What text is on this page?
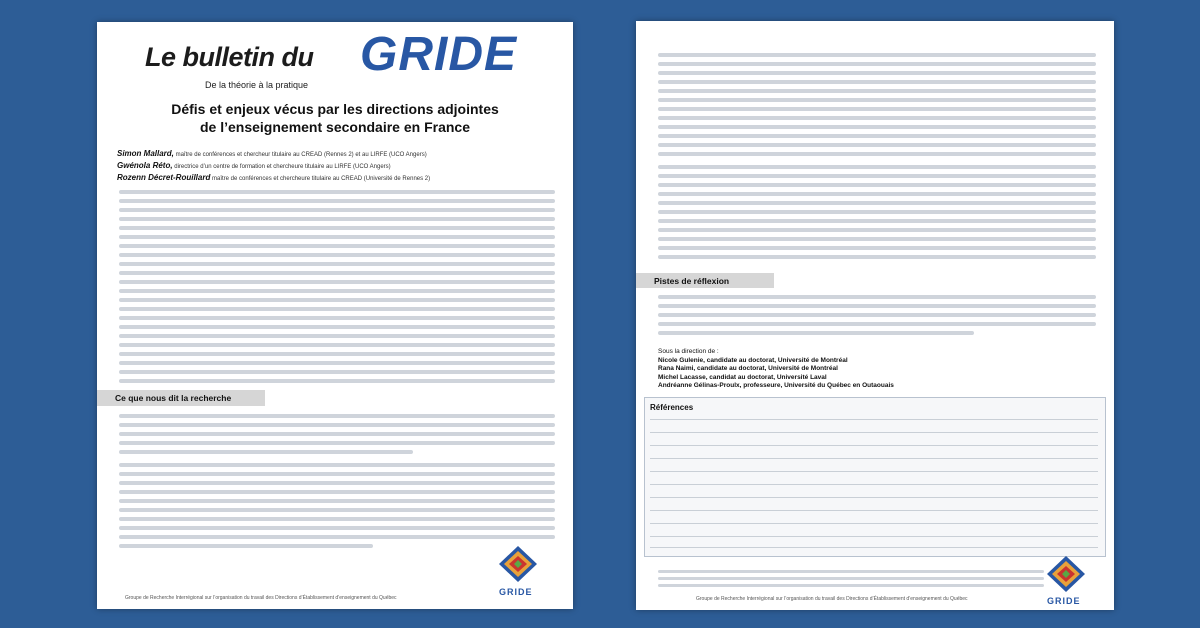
Le bulletin du GRIDE
De la théorie à la pratique
Défis et enjeux vécus par les directions adjointes de l’enseignement secondaire en France
Simon Mallard, maître de conférences et chercheur titulaire au CREAD (Rennes 2) et au LIRFE (UCO Angers)
Gwénola Réto, directrice d’un centre de formation et chercheure titulaire au LIRFE (UCO Angers)
Rozenn Décret-Rouillard maître de conférences et chercheure titulaire au CREAD (Université de Rennes 2)
Ce que nous dit la recherche
GRIDE
Groupe de Recherche Interrégional sur l’organisation du travail des Directions d’Établissement d’enseignement du Québec
Pistes de réflexion
Sous la direction de :
Nicole Gulenie, candidate au doctorat, Université de Montréal
Rana Naimi, candidate au doctorat, Université de Montréal
Michel Lacasse, candidat au doctorat, Université Laval
Andréanne Gélinas-Proulx, professeure, Université du Québec en Outaouais
Références
GRIDE
Groupe de Recherche Interrégional sur l’organisation du travail des Directions d’Établissement d’enseignement du Québec
